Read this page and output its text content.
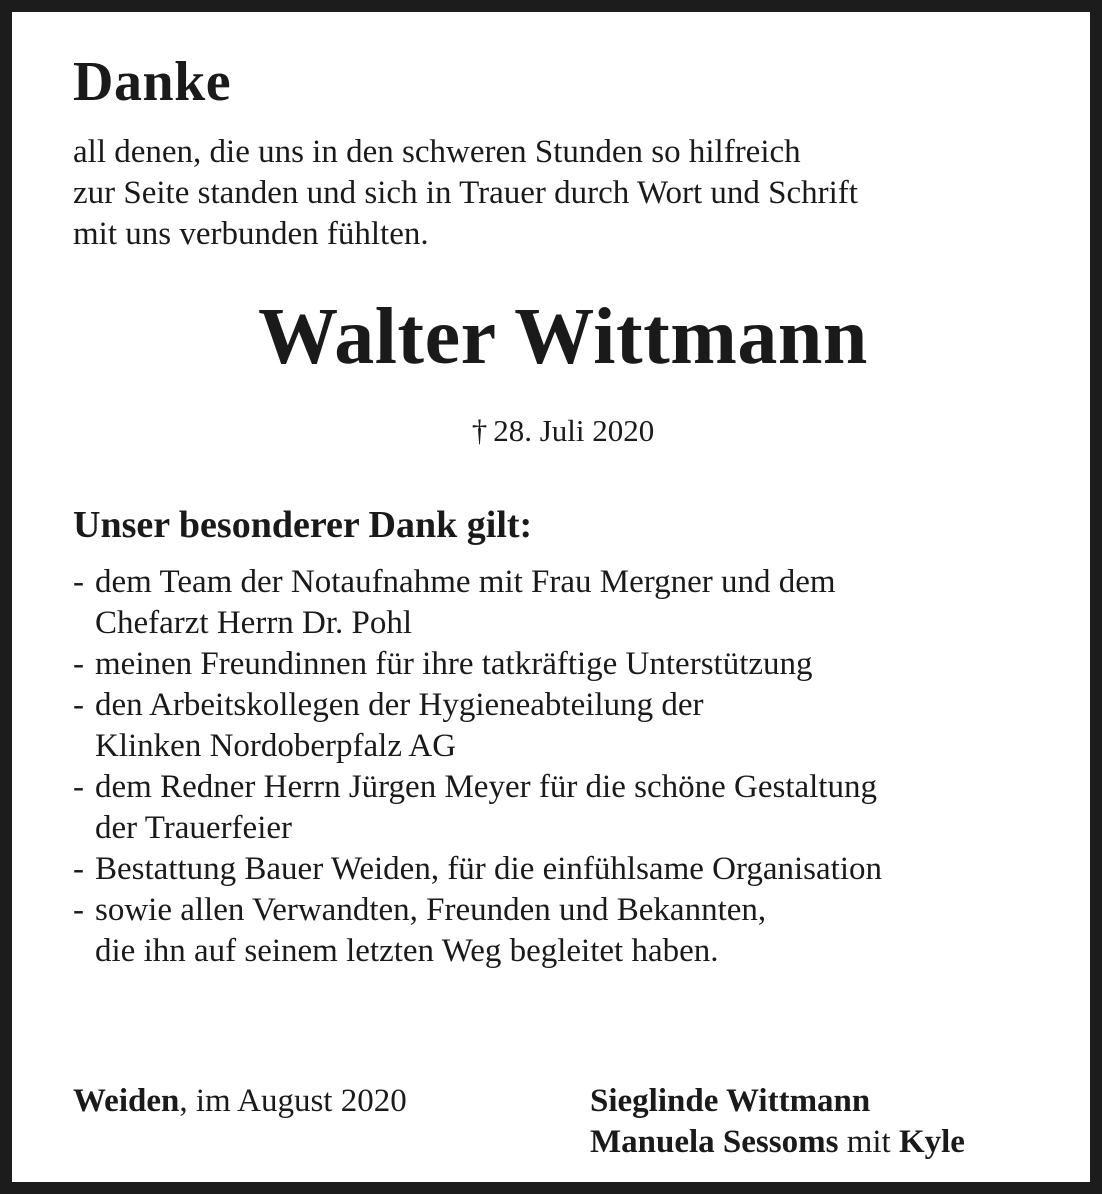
Danke

all denen, die uns in den schweren Stunden so hilfreich
zur Seite standen und sich in Trauer durch Wort und Schrift
mit uns verbunden fühlten.

Walter Wittmann
† 28. Juli 2020
Unser besonderer Dank gilt:
- dem Team der Notaufnahme mit Frau Mergner und dem
Chefarzt Herrn Dr. Pohl
- meinen Freundinnen für ihre tatkräftige Unterstützung
- den Arbeitskollegen der Hygieneabteilung der
Klinken Nordoberpfalz AG
- dem Redner Herrn Jürgen Meyer für die schöne Gestaltung
der Trauerfeier
- Bestattung Bauer Weiden, für die einfühlsame Organisation
- sowie allen Verwandten, Freunden und Bekannten,
die ihn auf seinem letzten Weg begleitet haben.
Weiden, im August 2020	Sieglinde Wittmann
Manuela Sessoms mit Kyle
